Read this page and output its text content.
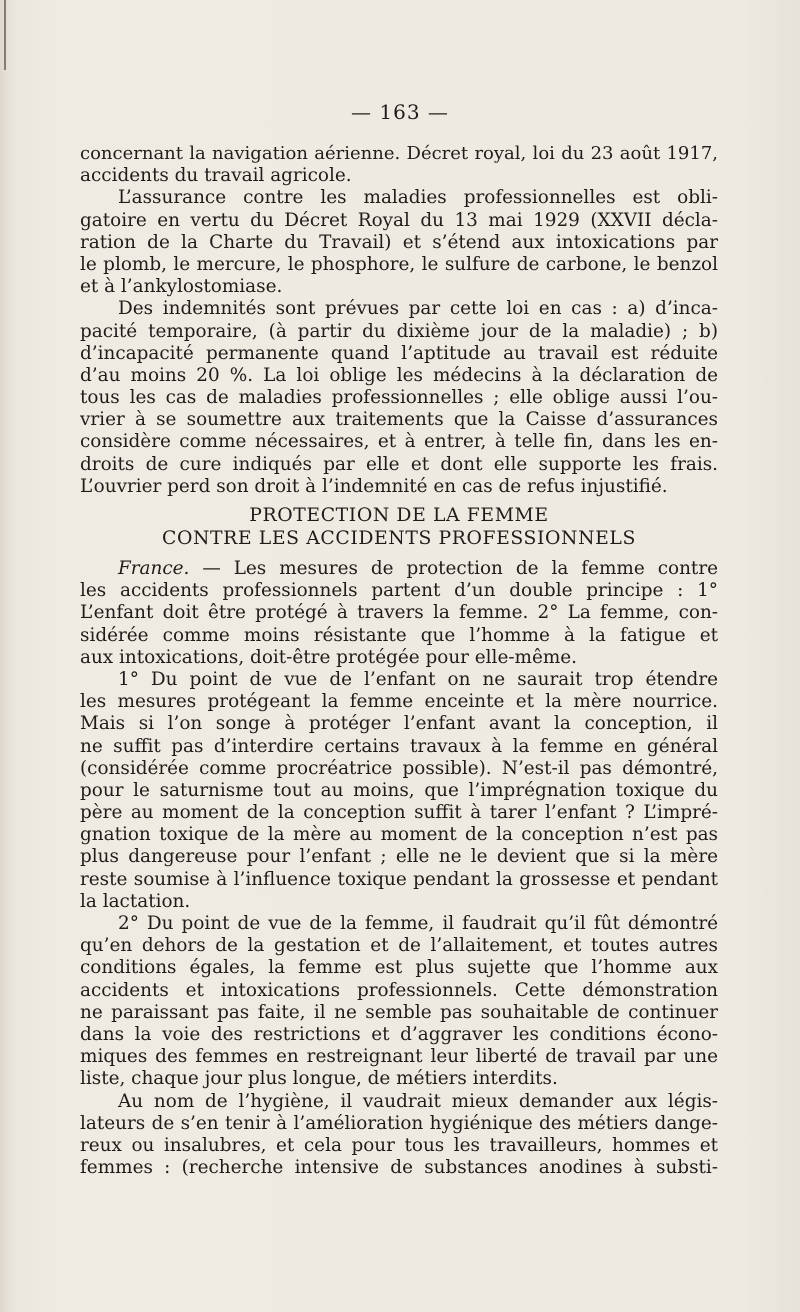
— 163 —
concernant la navigation aérienne. Décret royal, loi du 23 août 1917,
accidents du travail agricole.
L’assurance contre les maladies professionnelles est obli-
gatoire en vertu du Décret Royal du 13 mai 1929 (XXVII décla-
ration de la Charte du Travail) et s’étend aux intoxications par
le plomb, le mercure, le phosphore, le sulfure de carbone, le benzol
et à l’ankylostomiase.
Des indemnités sont prévues par cette loi en cas : a) d’inca-
pacité temporaire, (à partir du dixième jour de la maladie) ; b)
d’incapacité permanente quand l’aptitude au travail est réduite
d’au moins 20 %. La loi oblige les médecins à la déclaration de
tous les cas de maladies professionnelles ; elle oblige aussi l’ou-
vrier à se soumettre aux traitements que la Caisse d’assurances
considère comme nécessaires, et à entrer, à telle fin, dans les en-
droits de cure indiqués par elle et dont elle supporte les frais.
L’ouvrier perd son droit à l’indemnité en cas de refus injustifié.
PROTECTION DE LA FEMME
CONTRE LES ACCIDENTS PROFESSIONNELS
France. — Les mesures de protection de la femme contre
les accidents professionnels partent d’un double principe : 1°
L’enfant doit être protégé à travers la femme. 2° La femme, con-
sidérée comme moins résistante que l’homme à la fatigue et
aux intoxications, doit-être protégée pour elle-même.
1° Du point de vue de l’enfant on ne saurait trop étendre
les mesures protégeant la femme enceinte et la mère nourrice.
Mais si l’on songe à protéger l’enfant avant la conception, il
ne suffit pas d’interdire certains travaux à la femme en général
(considérée comme procréatrice possible). N’est-il pas démontré,
pour le saturnisme tout au moins, que l’imprégnation toxique du
père au moment de la conception suffit à tarer l’enfant ? L’impré-
gnation toxique de la mère au moment de la conception n’est pas
plus dangereuse pour l’enfant ; elle ne le devient que si la mère
reste soumise à l’influence toxique pendant la grossesse et pendant
la lactation.
2° Du point de vue de la femme, il faudrait qu’il fût démontré
qu’en dehors de la gestation et de l’allaitement, et toutes autres
conditions égales, la femme est plus sujette que l’homme aux
accidents et intoxications professionnels. Cette démonstration
ne paraissant pas faite, il ne semble pas souhaitable de continuer
dans la voie des restrictions et d’aggraver les conditions écono-
miques des femmes en restreignant leur liberté de travail par une
liste, chaque jour plus longue, de métiers interdits.
Au nom de l’hygiène, il vaudrait mieux demander aux légis-
lateurs de s’en tenir à l’amélioration hygiénique des métiers dange-
reux ou insalubres, et cela pour tous les travailleurs, hommes et
femmes : (recherche intensive de substances anodines à substi-
